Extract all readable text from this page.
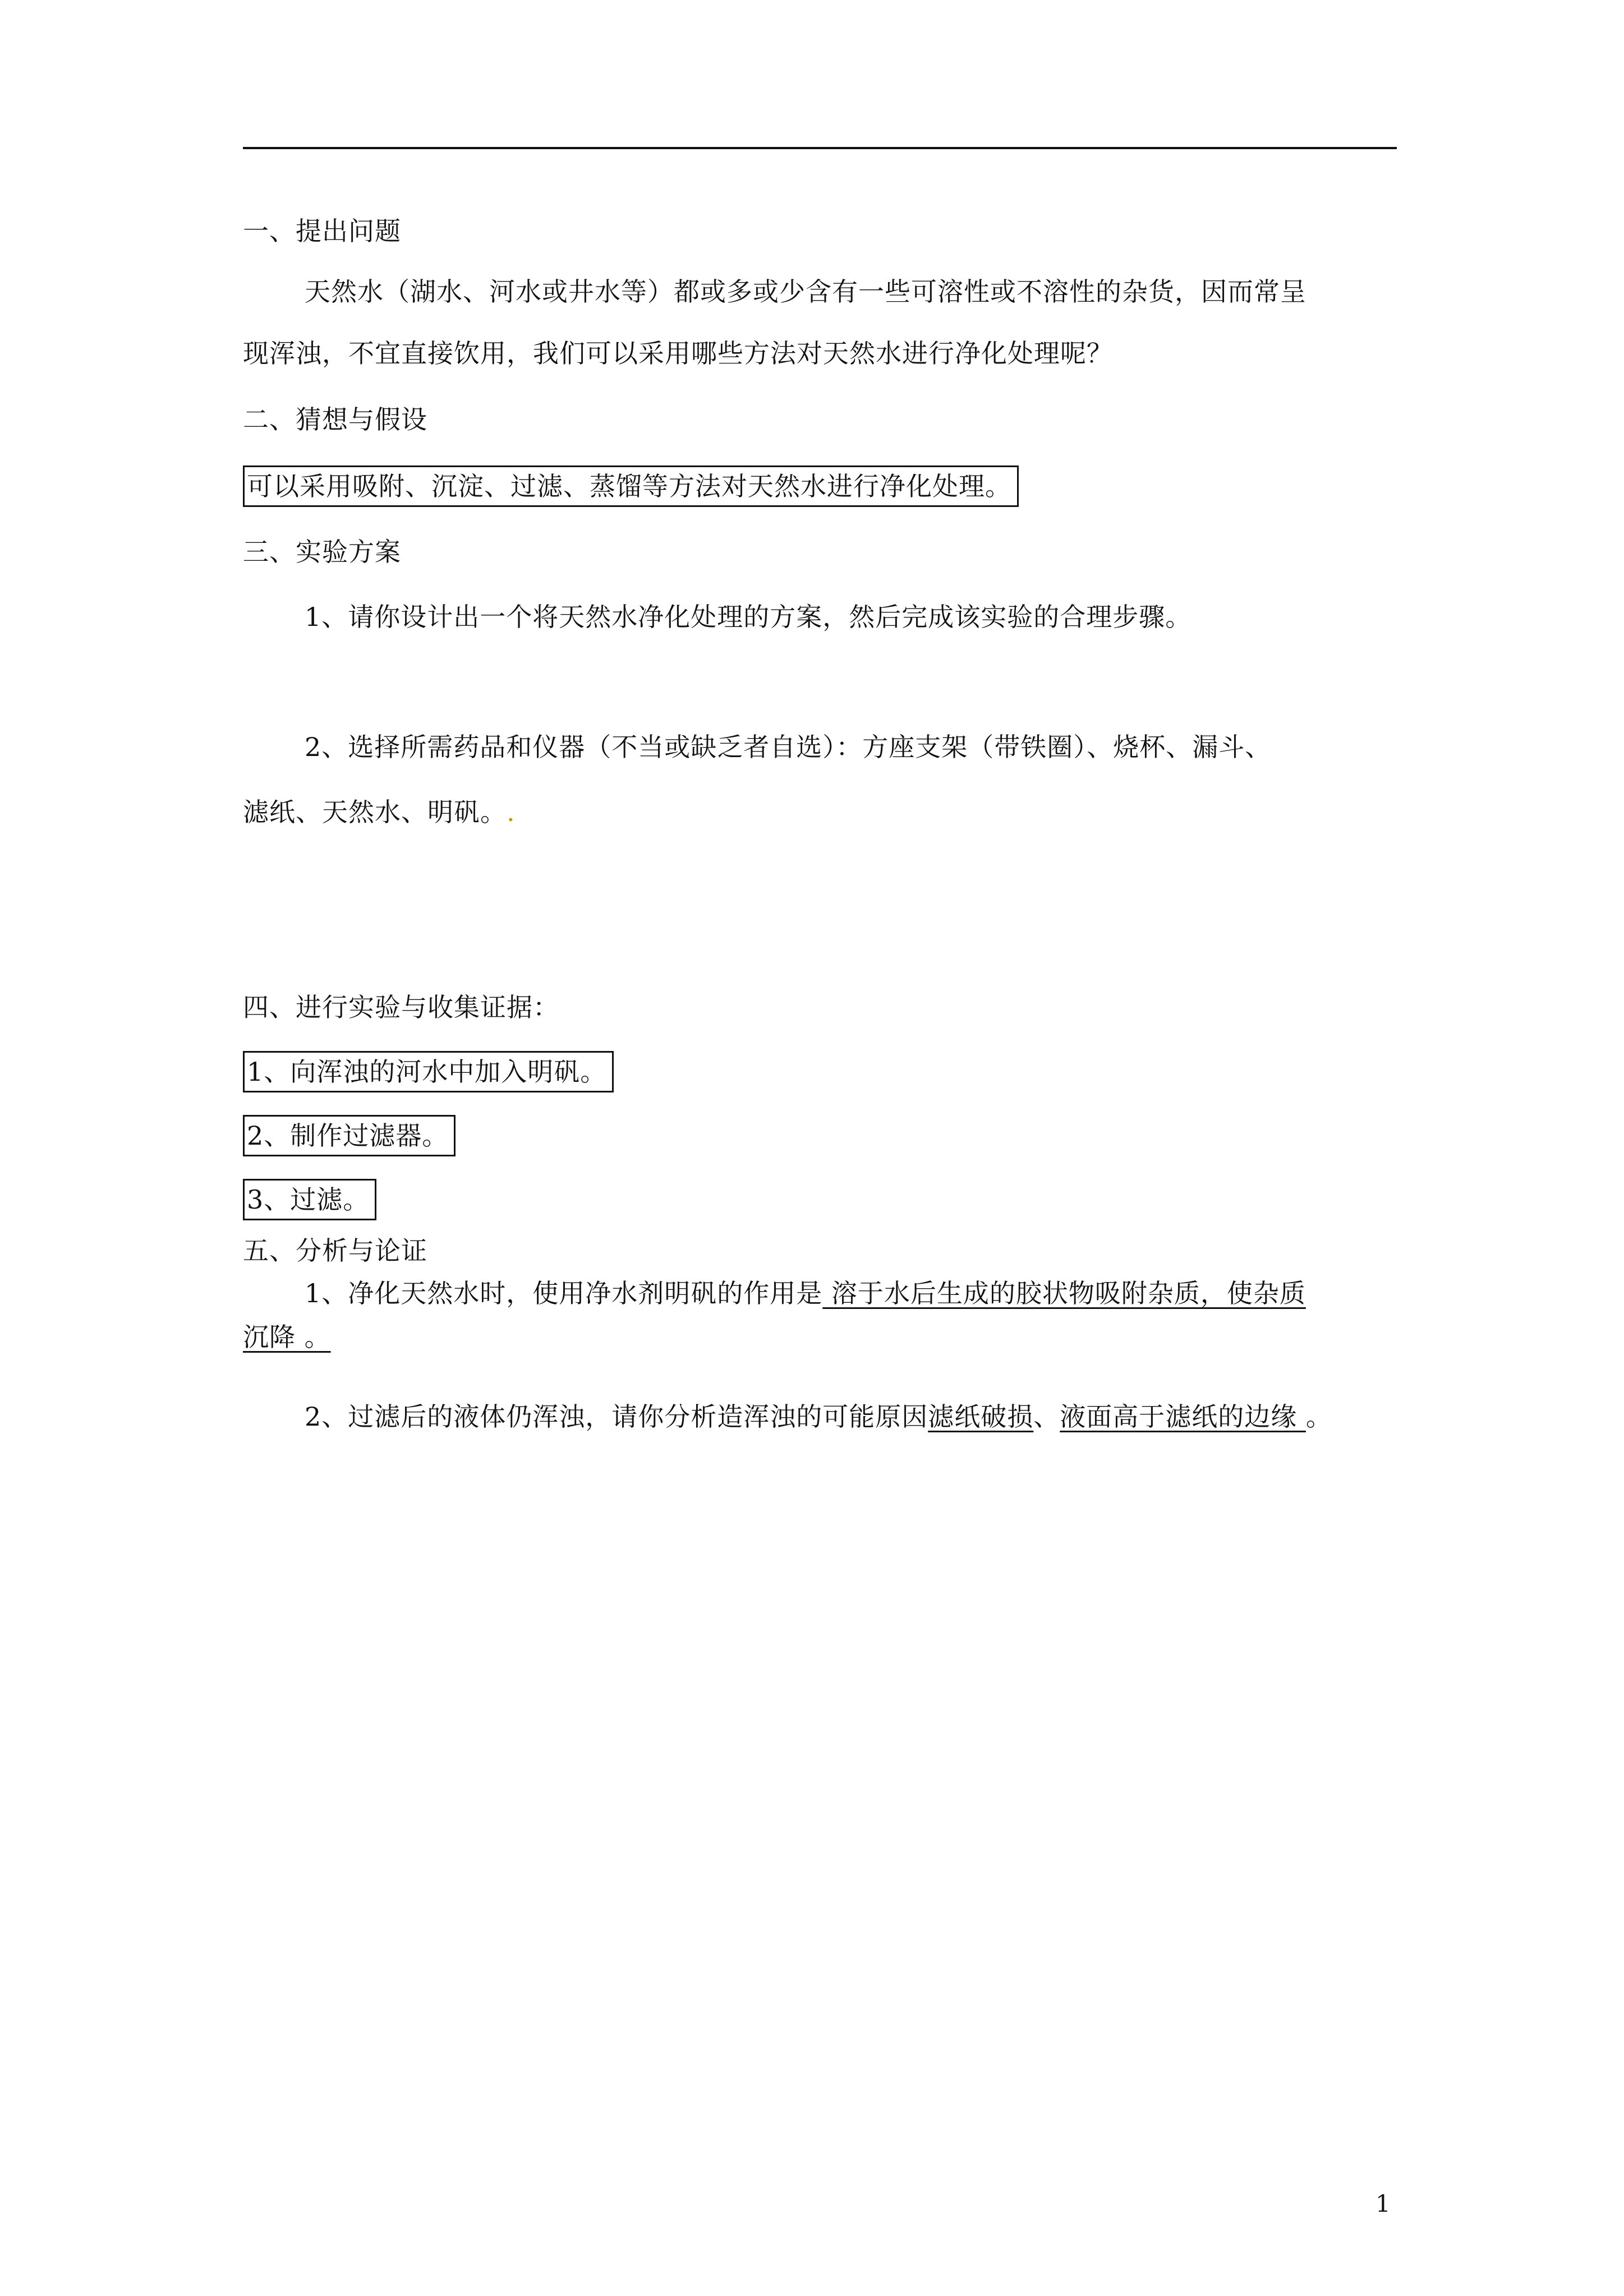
一、提出问题
天然水（湖水、河水或井水等）都或多或少含有一些可溶性或不溶性的杂货，因而常呈
现浑浊，不宜直接饮用，我们可以采用哪些方法对天然水进行净化处理呢？
二、猜想与假设
可以采用吸附、沉淀、过滤、蒸馏等方法对天然水进行净化处理。
三、实验方案
1、请你设计出一个将天然水净化处理的方案，然后完成该实验的合理步骤。
2、选择所需药品和仪器（不当或缺乏者自选）：方座支架（带铁圈）、烧杯、漏斗、
滤纸、天然水、明矾。.
四、进行实验与收集证据：
1、向浑浊的河水中加入明矾。
2、制作过滤器。
3、过滤。
五、分析与论证
1、净化天然水时，使用净水剂明矾的作用是 溶于水后生成的胶状物吸附杂质，使杂质
沉降 。
2、过滤后的液体仍浑浊，请你分析造浑浊的可能原因滤纸破损、液面高于滤纸的边缘 。
1
